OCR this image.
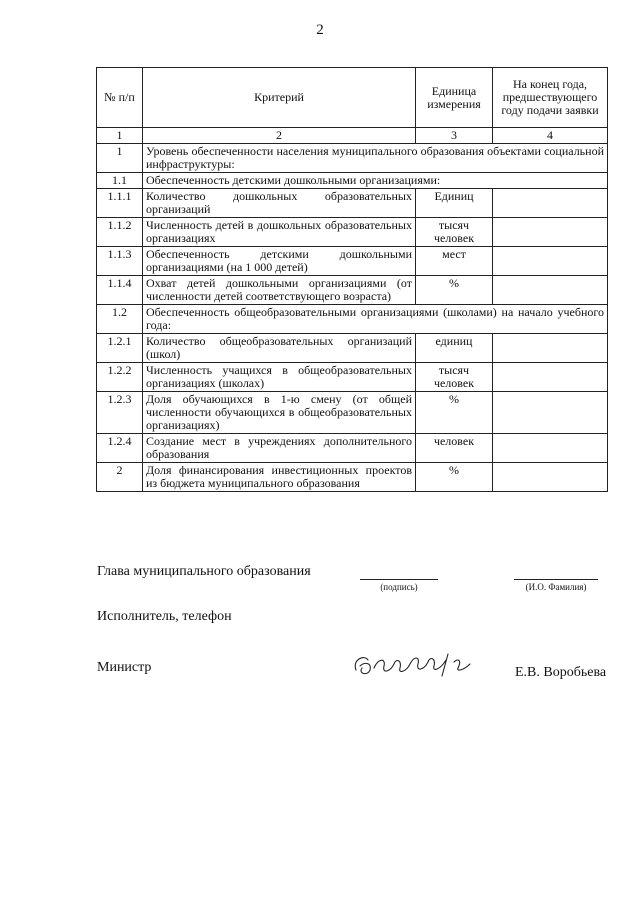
2
№ п/п	Критерий	Единица измерения	На конец года, предшествующего году подачи заявки
1	2	3	4
1	Уровень обеспеченности населения муниципального образования объектами социальной инфраструктуры:		
1.1	Обеспеченность детскими дошкольными организациями:		
1.1.1	Количество дошкольных образовательных организаций	Единиц	
1.1.2	Численность детей в дошкольных образовательных организациях	тысяч человек	
1.1.3	Обеспеченность детскими дошкольными организациями (на 1 000 детей)	мест	
1.1.4	Охват детей дошкольными организациями (от численности детей соответствующего возраста)	%	
1.2	Обеспеченность общеобразовательными организациями (школами) на начало учебного года:		
1.2.1	Количество общеобразовательных организаций (школ)	единиц	
1.2.2	Численность учащихся в общеобразовательных организациях (школах)	тысяч человек	
1.2.3	Доля обучающихся в 1-ю смену (от общей численности обучающихся в общеобразовательных организациях)	%	
1.2.4	Создание мест в учреждениях дополнительного образования	человек	
2	Доля финансирования инвестиционных проектов из бюджета муниципального образования	%	
Глава муниципального образования
(подпись)	(И.О. Фамилия)
Исполнитель, телефон
Министр	Е.В. Воробьева
